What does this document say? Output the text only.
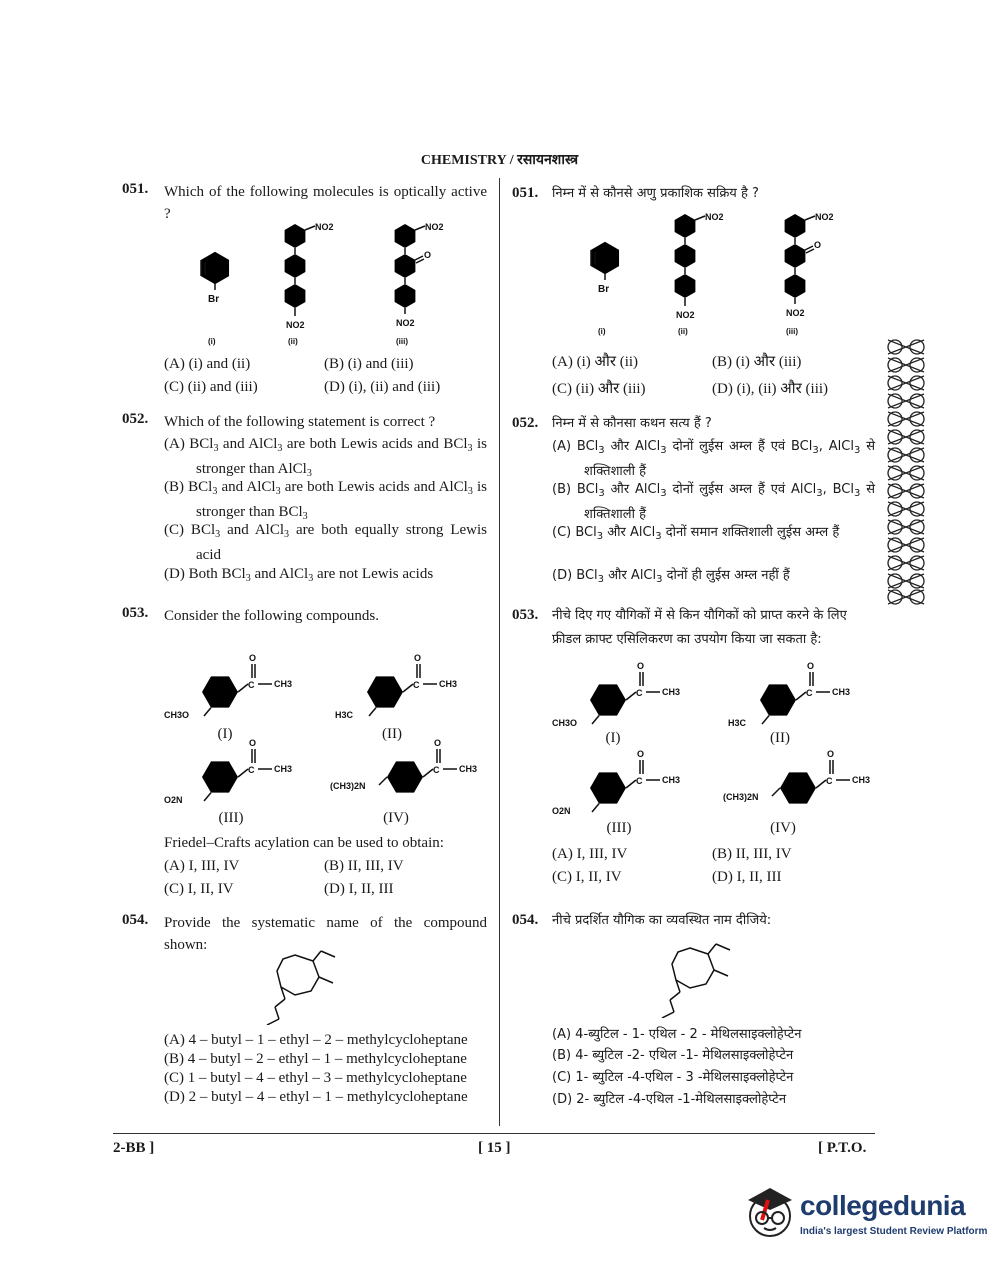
CHEMISTRY / रसायनशास्त्र
051. Which of the following molecules is optically active ?
Br
NO2
NO2
NO2
O
NO2
(i)	(ii)	(iii)
(A) (i) and (ii)	(B) (i) and (iii)
(C) (ii) and (iii)	(D) (i), (ii) and (iii)
052. Which of the following statement is correct ?
(A) BCl$_3$ and AlCl$_3$ are both Lewis acids and BCl$_3$ is stronger than AlCl$_3$
(B) BCl$_3$ and AlCl$_3$ are both Lewis acids and AlCl$_3$ is stronger than BCl$_3$
(C) BCl$_3$ and AlCl$_3$ are both equally strong Lewis acid
(D) Both BCl$_3$ and AlCl$_3$ are not Lewis acids
053. Consider the following compounds.
C
O
CH3
CH3O
C
O
CH3
H3C
C
O
CH3
O2N
C
O
CH3
(CH3)2N
(I)	(II)
(III)	(IV)
Friedel–Crafts acylation can be used to obtain:
(A) I, III, IV	(B) II, III, IV
(C) I, II, IV	(D) I, II, III
054. Provide the systematic name of the compound shown:
(A) 4 – butyl – 1 – ethyl – 2 – methylcycloheptane
(B) 4 – butyl – 2 – ethyl – 1 – methylcycloheptane
(C) 1 – butyl – 4 – ethyl – 3 – methylcycloheptane
(D) 2 – butyl – 4 – ethyl – 1 – methylcycloheptane
051. निम्न में से कौनसे अणु प्रकाशिक सक्रिय है ?
Br
NO2
NO2
NO2
O
NO2
(i)	(ii)	(iii)
(A) (i) और (ii)	(B) (i) और (iii)
(C) (ii) और (iii)	(D) (i), (ii) और (iii)
052. निम्न में से कौनसा कथन सत्य हैं ?
(A) BCl$_3$ और AlCl$_3$ दोनों लुईस अम्ल हैं एवं BCl$_3$, AlCl$_3$ से शक्तिशाली हैं
(B) BCl$_3$ और AlCl$_3$ दोनों लुईस अम्ल हैं एवं AlCl$_3$, BCl$_3$ से शक्तिशाली हैं
(C) BCl$_3$ और AlCl$_3$ दोनों समान शक्तिशाली लुईस अम्ल हैं
(D) BCl$_3$ और AlCl$_3$ दोनों ही लुईस अम्ल नहीं हैं
053. नीचे दिए गए यौगिकों में से किन यौगिकों को प्राप्त करने के लिए फ्रीडल क्राफ्ट एसिलिकरण का उपयोग किया जा सकता है:
C
O
CH3
CH3O
C
O
CH3
H3C
C
O
CH3
O2N
C
O
CH3
(CH3)2N
(I)	(II)
(III)	(IV)
(A) I, III, IV	(B) II, III, IV
(C) I, II, IV	(D) I, II, III
054. नीचे प्रदर्शित यौगिक का व्यवस्थित नाम दीजिये:
(A) 4-ब्युटिल - 1- एथिल - 2 - मेथिलसाइक्लोहेप्टेन
(B) 4- ब्युटिल -2- एथिल -1- मेथिलसाइक्लोहेप्टेन
(C) 1- ब्युटिल -4-एथिल - 3 -मेथिलसाइक्लोहेप्टेन
(D) 2- ब्युटिल -4-एथिल -1-मेथिलसाइक्लोहेप्टेन
2-BB ]	[ 15 ]	[ P.T.O.
collegedunia
India's largest Student Review Platform
